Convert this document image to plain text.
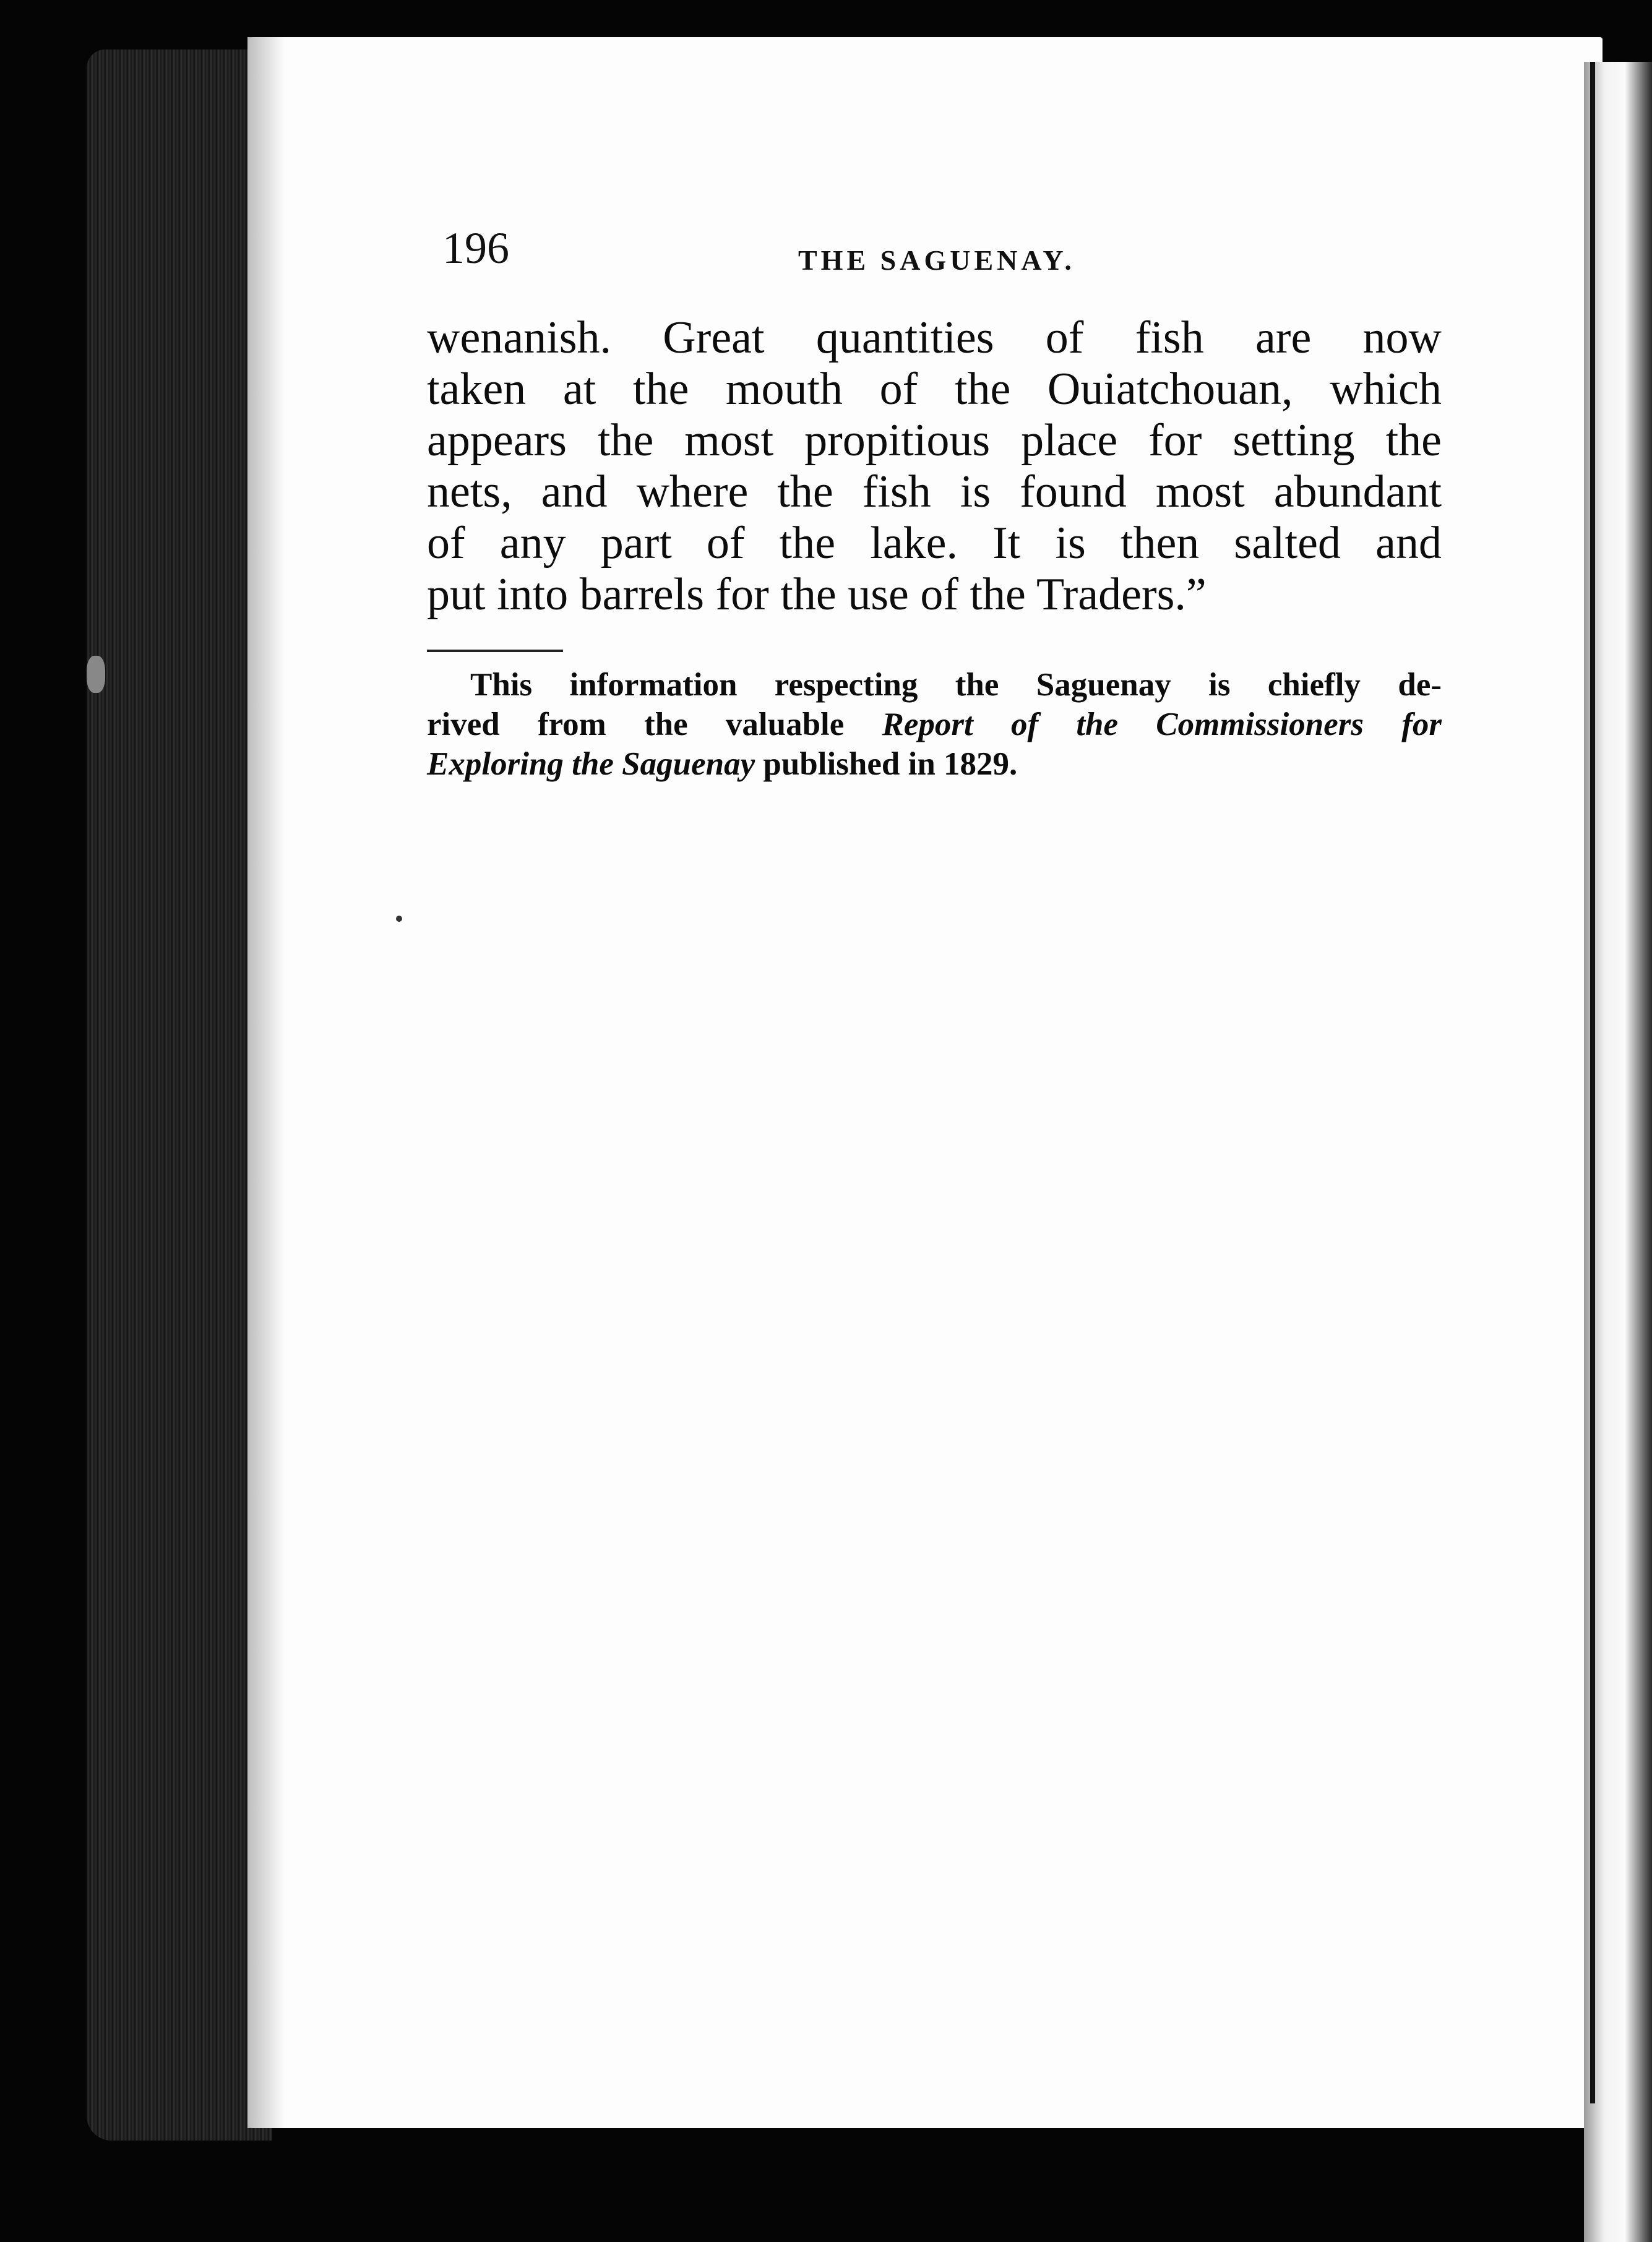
196	THE SAGUENAY.
wenanish. Great quantities of fish are now
taken at the mouth of the Ouiatchouan, which
appears the most propitious place for setting the
nets, and where the fish is found most abundant
of any part of the lake. It is then salted and
put into barrels for the use of the Traders.”
This information respecting the Saguenay is chiefly de-
rived from the valuable Report of the Commissioners for
Exploring the Saguenay published in 1829.
